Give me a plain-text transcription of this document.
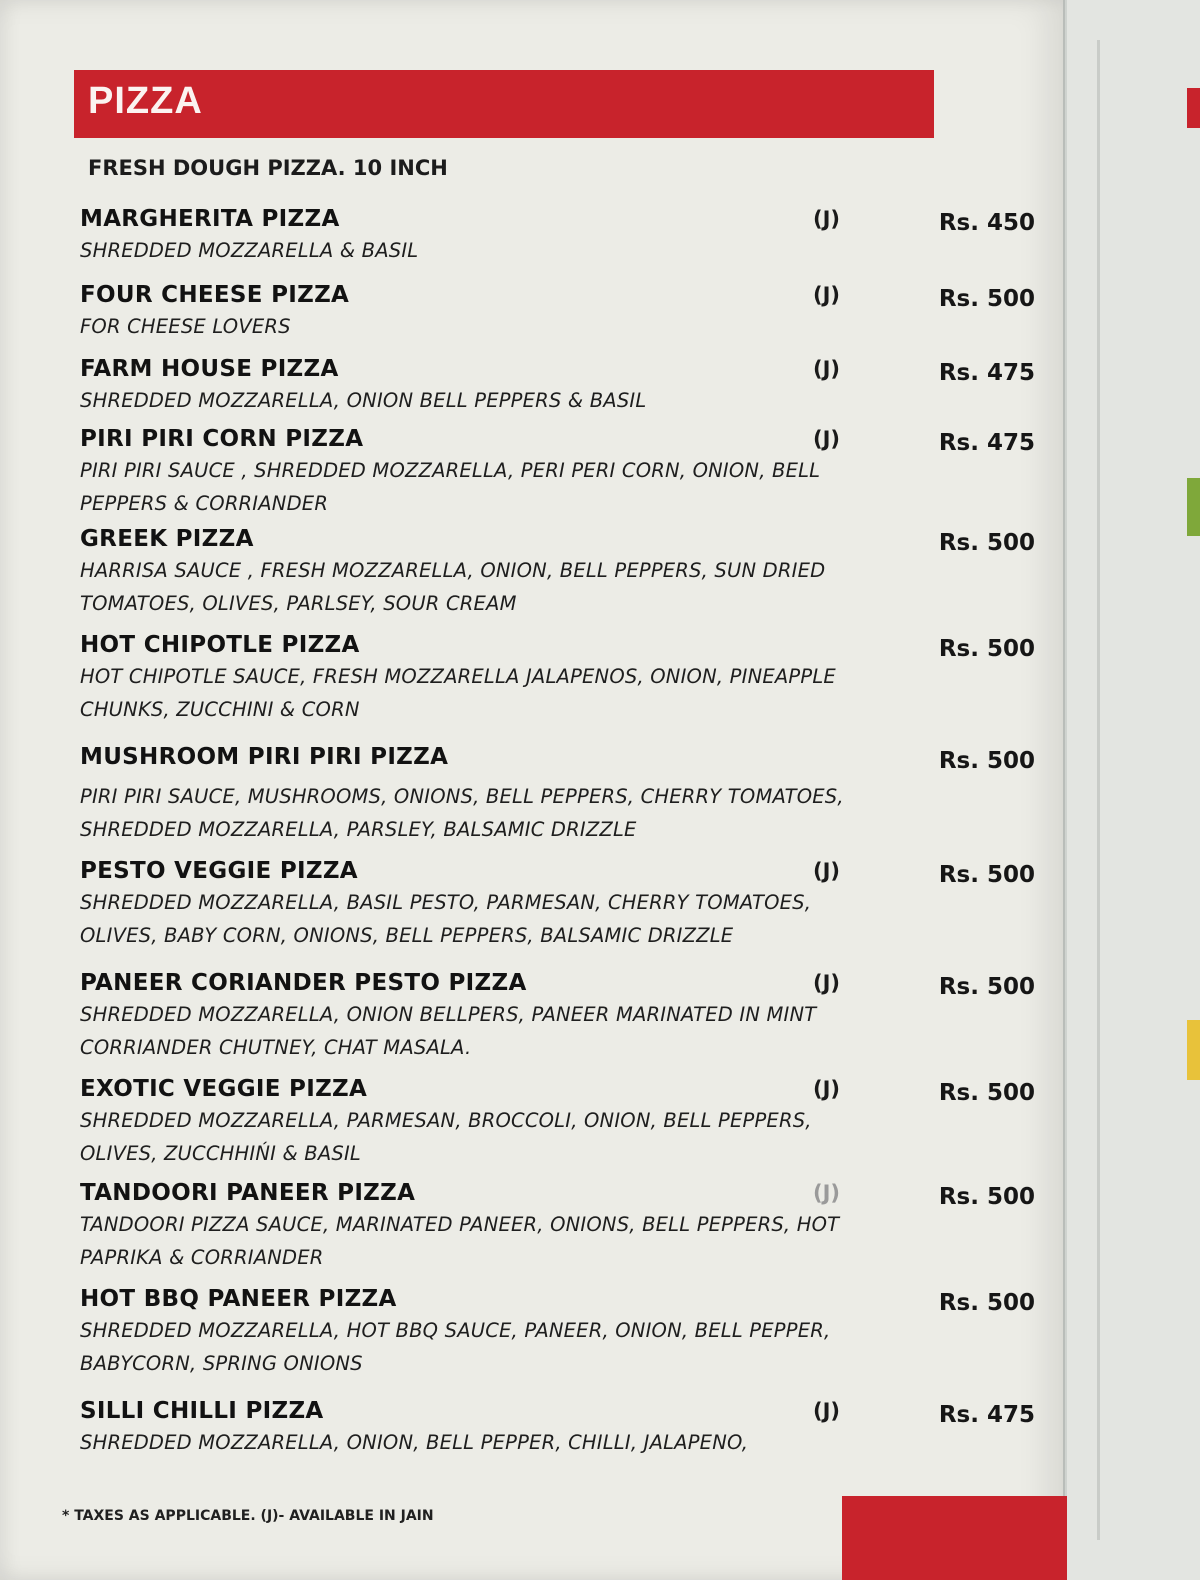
PIZZA
FRESH DOUGH PIZZA. 10 INCH
MARGHERITA PIZZA	(J)	Rs. 450
SHREDDED MOZZARELLA & BASIL
FOUR CHEESE PIZZA	(J)	Rs. 500
FOR CHEESE LOVERS
FARM HOUSE PIZZA	(J)	Rs. 475
SHREDDED MOZZARELLA, ONION BELL PEPPERS & BASIL
PIRI PIRI CORN PIZZA	(J)	Rs. 475
PIRI PIRI SAUCE , SHREDDED MOZZARELLA, PERI PERI CORN, ONION, BELL PEPPERS & CORRIANDER
GREEK PIZZA	Rs. 500
HARRISA SAUCE , FRESH MOZZARELLA, ONION, BELL PEPPERS, SUN DRIED TOMATOES, OLIVES, PARLSEY, SOUR CREAM
HOT CHIPOTLE PIZZA	Rs. 500
HOT CHIPOTLE SAUCE, FRESH MOZZARELLA JALAPENOS, ONION, PINEAPPLE CHUNKS, ZUCCHINI & CORN
MUSHROOM PIRI PIRI PIZZA	Rs. 500
PIRI PIRI SAUCE, MUSHROOMS, ONIONS, BELL PEPPERS, CHERRY TOMATOES, SHREDDED MOZZARELLA, PARSLEY, BALSAMIC DRIZZLE
PESTO VEGGIE PIZZA	(J)	Rs. 500
SHREDDED MOZZARELLA, BASIL PESTO, PARMESAN, CHERRY TOMATOES, OLIVES, BABY CORN, ONIONS, BELL PEPPERS, BALSAMIC DRIZZLE
PANEER CORIANDER PESTO PIZZA	(J)	Rs. 500
SHREDDED MOZZARELLA, ONION BELLPERS, PANEER MARINATED IN MINT CORRIANDER CHUTNEY, CHAT MASALA.
EXOTIC VEGGIE PIZZA	(J)	Rs. 500
SHREDDED MOZZARELLA, PARMESAN, BROCCOLI, ONION, BELL PEPPERS, OLIVES, ZUCCHHIŃI & BASIL
TANDOORI PANEER PIZZA	(J)	Rs. 500
TANDOORI PIZZA SAUCE, MARINATED PANEER, ONIONS, BELL PEPPERS, HOT PAPRIKA & CORRIANDER
HOT BBQ PANEER PIZZA	Rs. 500
SHREDDED MOZZARELLA, HOT BBQ SAUCE, PANEER, ONION, BELL PEPPER, BABYCORN, SPRING ONIONS
SILLI CHILLI PIZZA	(J)	Rs. 475
SHREDDED MOZZARELLA, ONION, BELL PEPPER, CHILLI, JALAPENO,
* TAXES AS APPLICABLE. (J)- AVAILABLE IN JAIN
